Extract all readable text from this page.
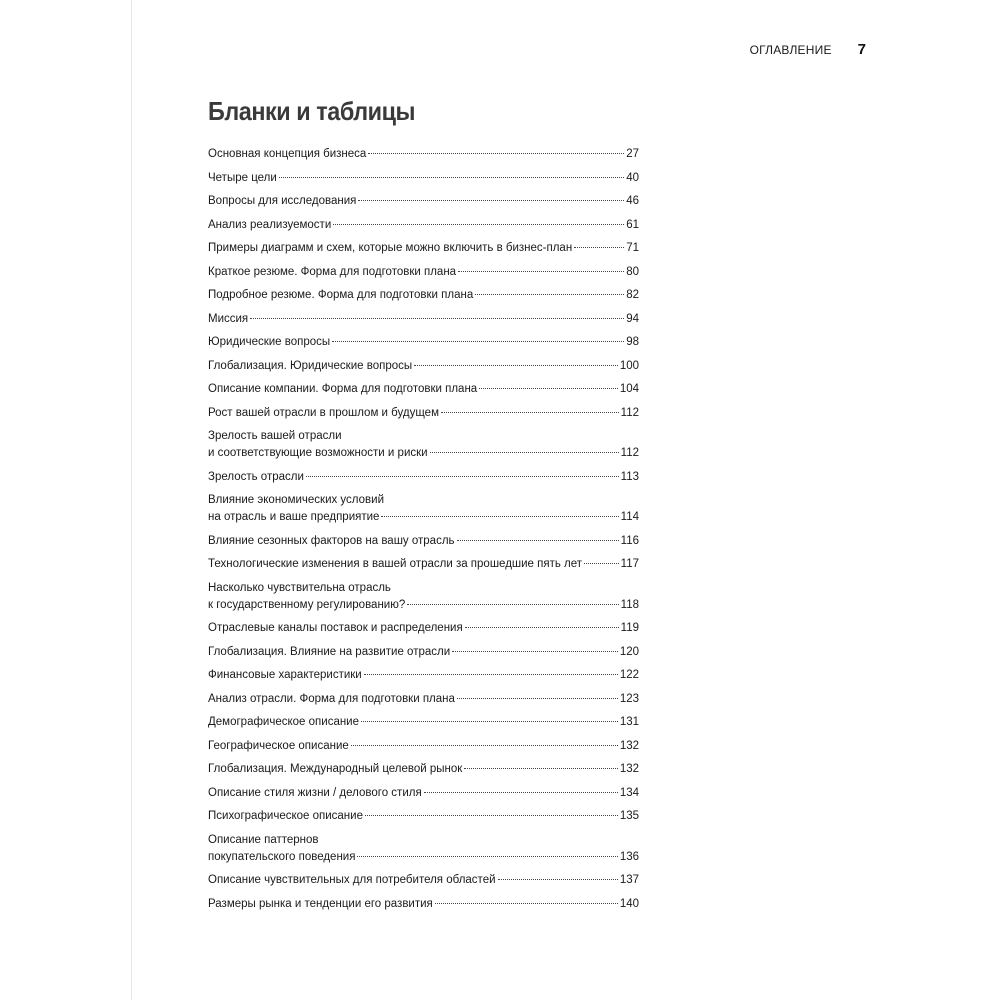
ОГЛАВЛЕНИЕ 7
Бланки и таблицы
Основная концепция бизнеса	27
Четыре цели	40
Вопросы для исследования	46
Анализ реализуемости	61
Примеры диаграмм и схем, которые можно включить в бизнес-план	71
Краткое резюме. Форма для подготовки плана	80
Подробное резюме. Форма для подготовки плана	82
Миссия	94
Юридические вопросы	98
Глобализация. Юридические вопросы	100
Описание компании. Форма для подготовки плана	104
Рост вашей отрасли в прошлом и будущем	112
Зрелость вашей отрасли
и соответствующие возможности и риски	112
Зрелость отрасли	113
Влияние экономических условий
на отрасль и ваше предприятие	114
Влияние сезонных факторов на вашу отрасль	116
Технологические изменения в вашей отрасли за прошедшие пять лет	117
Насколько чувствительна отрасль
к государственному регулированию?	118
Отраслевые каналы поставок и распределения	119
Глобализация. Влияние на развитие отрасли	120
Финансовые характеристики	122
Анализ отрасли. Форма для подготовки плана	123
Демографическое описание	131
Географическое описание	132
Глобализация. Международный целевой рынок	132
Описание стиля жизни / делового стиля	134
Психографическое описание	135
Описание паттернов
покупательского поведения	136
Описание чувствительных для потребителя областей	137
Размеры рынка и тенденции его развития	140
